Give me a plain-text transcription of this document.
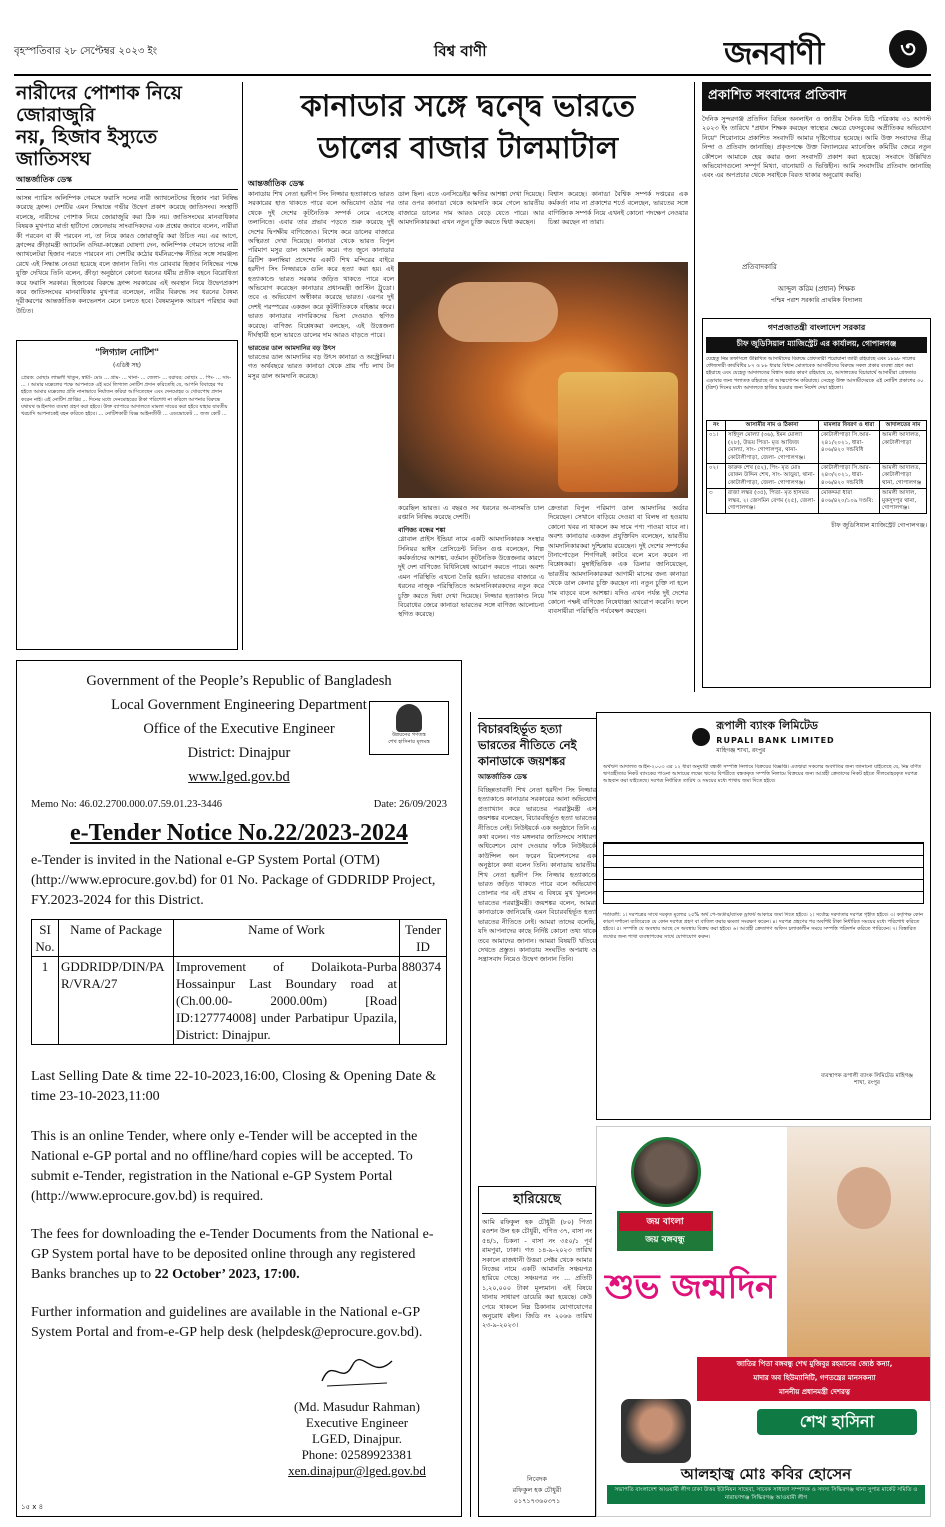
বৃহস্পতিবার ২৮ সেপ্টেম্বর ২০২৩ ইং	বিশ্ব বাণী	জনবাণী	৩
নারীদের পোশাক নিয়ে জোরাজুরি
নয়, হিজাব ইস্যুতে জাতিসংঘ
আন্তর্জাতিক ডেস্ক
আসন্ন প্যারিস অলিম্পিক গেমসে ফরাসি দলের নারী অ্যাথলেটদের হিজাব পরা নিষিদ্ধ করেছে ফ্রান্স। দেশটির এমন সিদ্ধান্তে গভীর উদ্বেগ প্রকাশ করেছে জাতিসংঘ। সংস্থাটি বলেছে, নারীদের পোশাক নিয়ে জোরাজুরি করা ঠিক নয়। জাতিসংঘের মানবাধিকার বিষয়ক মুখপাত্র মার্তা হার্টাদো জেনেভায় সাংবাদিকদের এক প্রশ্নের জবাবে বলেন, নারীরা কী পরবেন বা কী পরবেন না, তা নিয়ে কারও জোরাজুরি করা উচিত নয়। এর আগে, ফ্রান্সের ক্রীড়ামন্ত্রী অ্যামেলি ওদিয়া-কাস্তেরা ঘোষণা দেন, অলিম্পিক গেমসে তাদের নারী অ্যাথলেটরা হিজাব পরতে পারবেন না। দেশটির কঠোর ধর্মনিরপেক্ষ নীতির সঙ্গে সামঞ্জস্য রেখে এই সিদ্ধান্ত নেওয়া হয়েছে বলে জানান তিনি। গত রোববার হিজাব নিষিদ্ধের পক্ষে যুক্তি দেখিয়ে তিনি বলেন, ক্রীড়া অনুষ্ঠানে কোনো ধরনের ধর্মীয় প্রতীক বহনে বিরোধিতা করে ফরাসি সরকার। হিজাবের বিরুদ্ধে ফ্রান্স সরকারের এই অবস্থান নিয়ে উদ্বেগপ্রকাশ করে জাতিসংঘের মানবাধিকার মুখপাত্র বলেছেন, নারীর বিরুদ্ধে সব ধরনের বৈষম্য দূরীকরণের আন্তর্জাতিক কনভেনশন মেনে চলতে হবে। বৈষম্যমূলক আচরণ পরিহার করা উচিত।
"লিগ্যাল নোটিশ"
(এডিক্ট সহ)
প্রেরক: মোছাঃ লাভলী খাতুন, স্বামী- মোঃ ... গ্রাম- ... থানা- ... জেলা- ... বরাবর: মোছাঃ ... পিং- ... সাং- ... । আমার মক্কেলের পক্ষে আপনাকে এই মর্মে লিগ্যাল নোটিশ প্রদান করিতেছি যে, আপনি বিবাহের পর হইতে আমার মক্কেলের প্রতি নানাভাবে নির্যাতন করিয়া আসিতেছেন এবং দেনমোহর ও খোরপোষ প্রদান করেন নাই। এই নোটিশ প্রাপ্তির ... দিনের মধ্যে দেনমোহরের টাকা পরিশোধ না করিলে আপনার বিরুদ্ধে যথাযথ আইনগত ব্যবস্থা গ্রহণ করা হইবে। উক্ত ব্যাপারে আদালতে মামলা দায়ের করা হইবে যাহার যাবতীয় খরচাদি আপনাকেই বহন করিতে হইবে। ... নোটিশকারী বিজ্ঞ আইনজীবী ... এডভোকেট ... জজ কোর্ট ...
কানাডার সঙ্গে দ্বন্দ্বে ভারতে
ডালের বাজার টালমাটাল
আন্তর্জাতিক ডেস্ক
কানাডায় শিখ নেতা হরদীপ সিং নিজ্জার হত্যাকাণ্ডে ভারত সরকারের হাত থাকতে পারে বলে অভিযোগ ওঠার পর থেকে দুই দেশের কূটনৈতিক সম্পর্ক নেমে এসেছে তলানিতে। এবার তার প্রভাব পড়তে শুরু করেছে দুই দেশের দ্বিপক্ষীয় বাণিজ্যেও। বিশেষ করে ডালের বাজারে অস্থিরতা দেখা দিয়েছে। কানাডা থেকে ভারত বিপুল পরিমাণ মসুর ডাল আমদানি করে। গত জুনে কানাডার ব্রিটিশ কলাম্বিয়া প্রদেশের একটি শিখ মন্দিরের বাইরে হরদীপ সিং নিজ্জারকে গুলি করে হত্যা করা হয়। এই হত্যাকাণ্ডে ভারত সরকার জড়িত থাকতে পারে বলে অভিযোগ করেছেন কানাডার প্রধানমন্ত্রী জাস্টিন ট্রুডো। তবে এ অভিযোগ অস্বীকার করেছে ভারত। এরপর দুই দেশই পরস্পরের একজন করে কূটনীতিককে বহিষ্কার করে। ভারত কানাডার নাগরিকদের ভিসা দেওয়াও স্থগিত করেছে। বাণিজ্য বিশ্লেষকরা বলছেন, এই উত্তেজনা দীর্ঘস্থায়ী হলে ভারতে ডালের দাম আরও বাড়তে পারে।
ভারতের ডাল আমদানির বড় উৎস
ভারতের ডাল আমদানির বড় উৎস কানাডা ও অস্ট্রেলিয়া। গত অর্থবছরে ভারত কানাডা থেকে প্রায় পাঁচ লাখ টন মসুর ডাল আমদানি করেছে।
ডাল ছিল। এতে এনসিডেইর ক্ষতির আশঙ্কা দেখা দিয়েছে। তার ওপর কানাডা থেকে আমদানি কমে গেলে ভারতীয় বাজারে ডালের দাম আরও বেড়ে যেতে পারে। আর আমদানিকারকরা এখন নতুন চুক্তি করতে দ্বিধা করছেন।
বিশ্বাস করেছে। কানাডা বৈশ্বিক সম্পর্ক দপ্তরের এক কর্মকর্তা নাম না প্রকাশের শর্তে বলেছেন, ভারতের সঙ্গে বাণিজ্যিক সম্পর্ক নিয়ে এখনই কোনো পদক্ষেপ নেওয়ার চিন্তা করছেন না তারা।
করেছিল ভারত। এ বছরও সব ধরনের অ-বাসমতি চাল রপ্তানি নিষিদ্ধ করেছে দেশটি।
বাণিজ্য বন্ধের শঙ্কা
গ্লোবাল প্রাইস ইন্ডিয়া নামে একটি আমদানিকারক সংস্থার সিনিয়র ভাইস প্রেসিডেন্ট নিতিন গুপ্ত বলেছেন, শিল্প কর্মকর্তাদের আশঙ্কা, বর্তমান কূটনৈতিক উত্তেজনার কারণে দুই দেশ বাণিজ্যে বিধিনিষেধ আরোপ করতে পারে। অবশ্য এমন পরিস্থিতি এখনো তৈরি হয়নি। ভারতের বাজারে এ ধরনের নাজুক পরিস্থিতিতে আমদানিকারকদের নতুন করে চুক্তি করতে দ্বিধা দেখা দিয়েছে। নিজ্জার হত্যাকাণ্ড নিয়ে বিরোধের জেরে কানাডা ভারতের সঙ্গে বাণিজ্য আলোচনা স্থগিত করেছে।
ক্রেতারা বিপুল পরিমাণ ডাল আমদানির অর্ডার দিয়েছেন। সেখানে বাড়িয়ে দেওয়া বা বিলম্ব না হওয়ায় কোনো খবর না থাকলে কম দামে পণ্য পাওয়া যাবে না। অবশ্য কানাডার একজন প্রযুক্তিবিদ বলেছেন, ভারতীয় আমদানিকারকরা দুশ্চিন্তায় রয়েছেন। দুই দেশের সম্পর্কের টানাপোড়েন শিগগিরই কাটবে বলে মনে করেন না বিশ্লেষকরা। মুম্বাইভিত্তিক এক ডিলার জানিয়েছেন, ভারতীয় আমদানিকারকরা আগামী মাসের জন্য কানাডা থেকে ডাল কেনার চুক্তি করছেন না। নতুন চুক্তি না হলে দাম বাড়বে বলে আশঙ্কা। যদিও এখন পর্যন্ত দুই দেশের কোনো পক্ষই বাণিজ্যে নিষেধাজ্ঞা আরোপ করেনি। ফলে ব্যবসায়ীরা পরিস্থিতি পর্যবেক্ষণ করছেন।
প্রকাশিত সংবাদের প্রতিবাদ
দৈনিক সুন্দরগঞ্জ প্রতিদিন বিভিন্ন অনলাইন ও জাতীয় দৈনিক চিঠি পত্রিকায় ৩১ আগস্ট ২০২৩ ইং তারিখে "প্রধান শিক্ষক করছেন স্বাস্থ্যের ক্ষেত্রে ফেসবুকের অপ্রীতিকর অভিযোগ নিয়ে" শিরোনামে প্রকাশিত সংবাদটি আমার দৃষ্টিগোচর হয়েছে। আমি উক্ত সংবাদের তীব্র নিন্দা ও প্রতিবাদ জানাচ্ছি। প্রকৃতপক্ষে উক্ত বিদ্যালয়ের ম্যানেজিং কমিটির জেরে নতুন কৌশলে আমাকে হেয় করার জন্য সংবাদটি প্রকাশ করা হয়েছে। সংবাদে উল্লিখিত অভিযোগগুলো সম্পূর্ণ মিথ্যা, বানোয়াট ও ভিত্তিহীন। আমি সংবাদটির প্রতিবাদ জানাচ্ছি এবং এর অপপ্রচার থেকে সবাইকে বিরত থাকার অনুরোধ করছি।
প্রতিবাদকারি
আব্দুল করিম (প্রধান) শিক্ষক
পশ্চিম পরাশ সরকারি প্রাথমিক বিদ্যালয়
গণপ্রজাতন্ত্রী বাংলাদেশ সরকার
চীফ জুডিসিয়াল ম্যাজিস্ট্রেট এর কার্যালয়, গোপালগঞ্জ
যেহেতু নিম্ন তফসিলে উল্লিখিত আসামীদের বিরুদ্ধে গ্রেফতারী পরোয়ানা জারী রহিয়াছে এবং ১৮৯৮ সালের ফৌজদারী কার্যবিধির ৮৭ ও ৮৮ ধারার বিধান মোতাবেক আসামীদের বিরুদ্ধে সকল প্রকার ব্যবস্থা গ্রহণ করা হইয়াছে এবং যেহেতু আদালতের বিশ্বাস করার কারণ রহিয়াছে যে, আদালতের বিচারার্থে আসামীরা গ্রেফতার এড়াবার জন্য পলাতক রহিয়াছে বা আত্মগোপন করিয়াছে। সেহেতু উক্ত আসামীদেরকে এই নোটিশ প্রকাশের ৩০ (ত্রিশ) দিনের মধ্যে আদালতে হাজির হওয়ার জন্য নির্দেশ দেয়া হইলো।
নং	আসামীর নাম ও ঠিকানা	মামলার বিবরণ ও ধারা	আদালতের নাম
০১।	সাইদুল মোল্যা (৩৬), ইমন মোল্যা (২৮), উভয় পিতা- মৃত আজিজ মোল্যা, সাং- গোপালপুর, থানা- কোটালীপাড়া, জেলা- গোপালগঞ্জ।	কোটালীপাড়া সি.আর- ২৪১/২০২১, ধারা- ৪০৬/৪২০ দন্ডবিধি	আমলী আদালত, কোটালীপাড়া
০২।	ফারুক শেখ (৫২), পিং- মৃত মোঃ রোকন উদ্দিন শেখ, সাং- আড়ুয়া, থানা- কোটালীপাড়া, জেলা- গোপালগঞ্জ।	কোটালীপাড়া সি.আর- ২৪৩/২০২১, ধারা- ৪০৬/৪২০ দন্ডবিধি	আমলী আদালত, কোটালীপাড়া থানা, গোপালগঞ্জ
৩	রাজা লস্কর (৩৫), পিতা- মৃত হাসমত লস্কর, ২। জেসমিন বেগম (২৫), জেলা- গোপালগঞ্জ।	মোকদ্দমা ধারা ৪০৬/৪২০/১০৯ দণ্ডবি:	আমলী আদাল, মুকসুদপুর থানা, গোপালগঞ্জ।
চীফ জুডিসিয়াল ম্যাজিস্ট্রেট গোপালগঞ্জ।
Government of the People’s Republic of Bangladesh
Local Government Engineering Department
Office of the Executive Engineer
District: Dinajpur
www.lged.gov.bd
উন্নয়নের গণতন্ত্র
শেখ হাসিনার মূলমন্ত্র
Memo No: 46.02.2700.000.07.59.01.23-3446	Date: 26/09/2023
e-Tender Notice No.22/2023-2024
e-Tender is invited in the National e-GP System Portal (OTM) (http://www.eprocure.gov.bd) for 01 No. Package of GDDRIDP Project, FY.2023-2024 for this District.
SI No.	Name of Package	Name of Work	Tender ID
1	GDDRIDP/DIN/PAR/VRA/27	Improvement of Dolaikota-Purba Hossainpur Last Boundary road at (Ch.00.00- 2000.00m) [Road ID:127774008] under Parbatipur Upazila, District: Dinajpur.	880374
Last Selling Date & time 22-10-2023,16:00, Closing & Opening Date & time 23-10-2023,11:00
This is an online Tender, where only e-Tender will be accepted in the National e-GP portal and no offline/hard copies will be accepted. To submit e-Tender, registration in the National e-GP System Portal (http://www.eprocure.gov.bd) is required.
The fees for downloading the e-Tender Documents from the National e-GP System portal have to be deposited online through any registered Banks branches up to 22 October’ 2023, 17:00.
Further information and guidelines are available in the National e-GP System Portal and from-e-GP help desk (helpdesk@eprocure.gov.bd).
(Md. Masudur Rahman)
Executive Engineer
LGED, Dinajpur.
Phone: 02589923381
xen.dinajpur@lged.gov.bd
১৫ x ৪
বিচারবহির্ভূত হত্যা
ভারতের নীতিতে নেই
কানাডাকে জয়শঙ্কর
আন্তর্জাতিক ডেস্ক
বিচ্ছিন্নতাবাদী শিখ নেতা হরদীপ সিং নিজ্জার হত্যাকাণ্ডে কানাডার সরকারের আনা অভিযোগ প্রত্যাখ্যান করে ভারতের পররাষ্ট্রমন্ত্রী এস জয়শঙ্কর বলেছেন, বিচারবহির্ভূত হত্যা ভারতের নীতিতে নেই। নিউইয়র্কে এক অনুষ্ঠানে তিনি এ কথা বলেন। গত মঙ্গলবার জাতিসংঘে সাধারণ অধিবেশনে যোগ দেওয়ার ফাঁকে নিউইয়র্কে কাউন্সিল অন ফরেন রিলেশনসের এক অনুষ্ঠানে কথা বলেন তিনি। কানাডায় ভারতীয় শিখ নেতা হরদীপ সিং নিজ্জার হত্যাকাণ্ডে ভারত জড়িত থাকতে পারে বলে অভিযোগ তোলার পর এই প্রথম এ বিষয়ে মুখ খুললেন ভারতের পররাষ্ট্রমন্ত্রী। জয়শঙ্কর বলেন, আমরা কানাডাকে জানিয়েছি এমন বিচারবহির্ভূত হত্যা ভারতের নীতিতে নেই। আমরা তাদের বলেছি, যদি আপনাদের কাছে নির্দিষ্ট কোনো তথ্য থাকে তবে আমাদের জানান। আমরা বিষয়টি খতিয়ে দেখতে প্রস্তুত। কানাডায় সংঘটিত অপরাধ ও সন্ত্রাসবাদ নিয়েও উদ্বেগ জানান তিনি।
হারিয়েছে
আমি রফিকুল হক চৌধুরী (৮০) পিতা রওশন উল হক চৌধুরী, গণিত ৩৭, বাসা নং ৫৪/১, চিকনা - বাসা নং ৩৫০/১ পূর্ব রামপুরা, ঢাকা। গত ১৪-৯-২০২৩ তারিখ সকালে রাজধানী উত্তরা সেক্টর থেকে আমার নিজের নামে একটি আমানতি সঞ্চয়পত্র হারিয়ে গেছে। সঞ্চয়পত্র নং ... প্রতিটি ১,২০,০০০ টাকা মূল্যমান। এই বিষয়ে থানায় সাধারণ ডায়েরি করা হয়েছে। কেউ পেয়ে থাকলে নিম্ন ঠিকানায় যোগাযোগের অনুরোধ রইল। জিডি নং ২০৬৬ তারিখ ২৩-৯-২০২৩।
নিবেদক
রফিকুল হক চৌধুরী
০১৭১৭৩৬০৩৭১
রূপালী ব্যাংক লিমিটেড
RUPALI BANK LIMITED
মাহিগঞ্জ শাখা, রংপুর
অর্থঋণ আদালত আইন-২০০৩ এর ১২ ধারা অনুযায়ী বন্ধকী সম্পত্তি নিলামে বিক্রয়ের বিজ্ঞপ্তি। এতদ্বারা সকলের অবগতির জন্য জানানো যাইতেছে যে, নিম্ন বর্ণিত ঋণগ্রহীতার নিকট ব্যাংকের পাওনা আদায়ের লক্ষ্যে ঋণের বিপরীতে বন্ধককৃত সম্পত্তি নিলামে বিক্রয়ের জন্য আগ্রহী ক্রেতাদের নিকট হইতে সীলমোহরকৃত দরপত্র আহবান করা যাইতেছে। দরপত্র নির্ধারিত তারিখ ও সময়ের মধ্যে শাখায় জমা দিতে হইবে।
শর্তাবলী: ১। দরপত্রের সাথে দরকৃত মূল্যের ২৫% অর্থ পে-অর্ডার/ব্যাংক ড্রাফট আকারে জমা দিতে হইবে। ২। সর্বোচ্চ দরদাতার দরপত্র গৃহীত হইবে। ৩। কর্তৃপক্ষ কোন কারণ দর্শানো ব্যতিরেকে যে কোন দরপত্র গ্রহণ বা বাতিল করার ক্ষমতা সংরক্ষণ করেন। ৪। দরপত্র গ্রহণের পর অবশিষ্ট টাকা নির্ধারিত সময়ের মধ্যে পরিশোধ করিতে হইবে। ৫। সম্পত্তি যে অবস্থায় আছে সে অবস্থায় বিক্রয় করা হইবে। ৬। আগ্রহী ক্রেতাগণ অফিস চলাকালীন সময়ে সম্পত্তি পরিদর্শন করিতে পারিবেন। ৭। বিস্তারিত তথ্যের জন্য শাখা ব্যবস্থাপকের সাথে যোগাযোগ করুন।
ব্যবস্থাপক রূপালী ব্যাংক লিমিটেড মাহিগঞ্জ শাখা, রংপুর
জয় বাংলা
জয় বঙ্গবন্ধু
শুভ জন্মদিন
জাতির পিতা বঙ্গবন্ধু শেখ মুজিবুর রহমানের জ্যেষ্ঠ কন্যা,
মাদার অব হিউম্যানিটি, গণতন্ত্রের মানসকন্যা
মাননীয় প্রধানমন্ত্রী দেশরত্ন
শেখ হাসিনা
আলহাজ্ব মোঃ কবির হোসেন
সভাপতি বাংলাদেশ আওয়ামী লীগ ঢাকা উত্তর ইউনিয়ন সাহেবা, সাবেক সাধারণ সম্পাদক ও সদস্য সিদ্ধিরগঞ্জ থানা সুপার মার্কেট সমিতি ও নারায়ণগঞ্জ সিদ্ধিরগঞ্জ আওয়ামী লীগ
